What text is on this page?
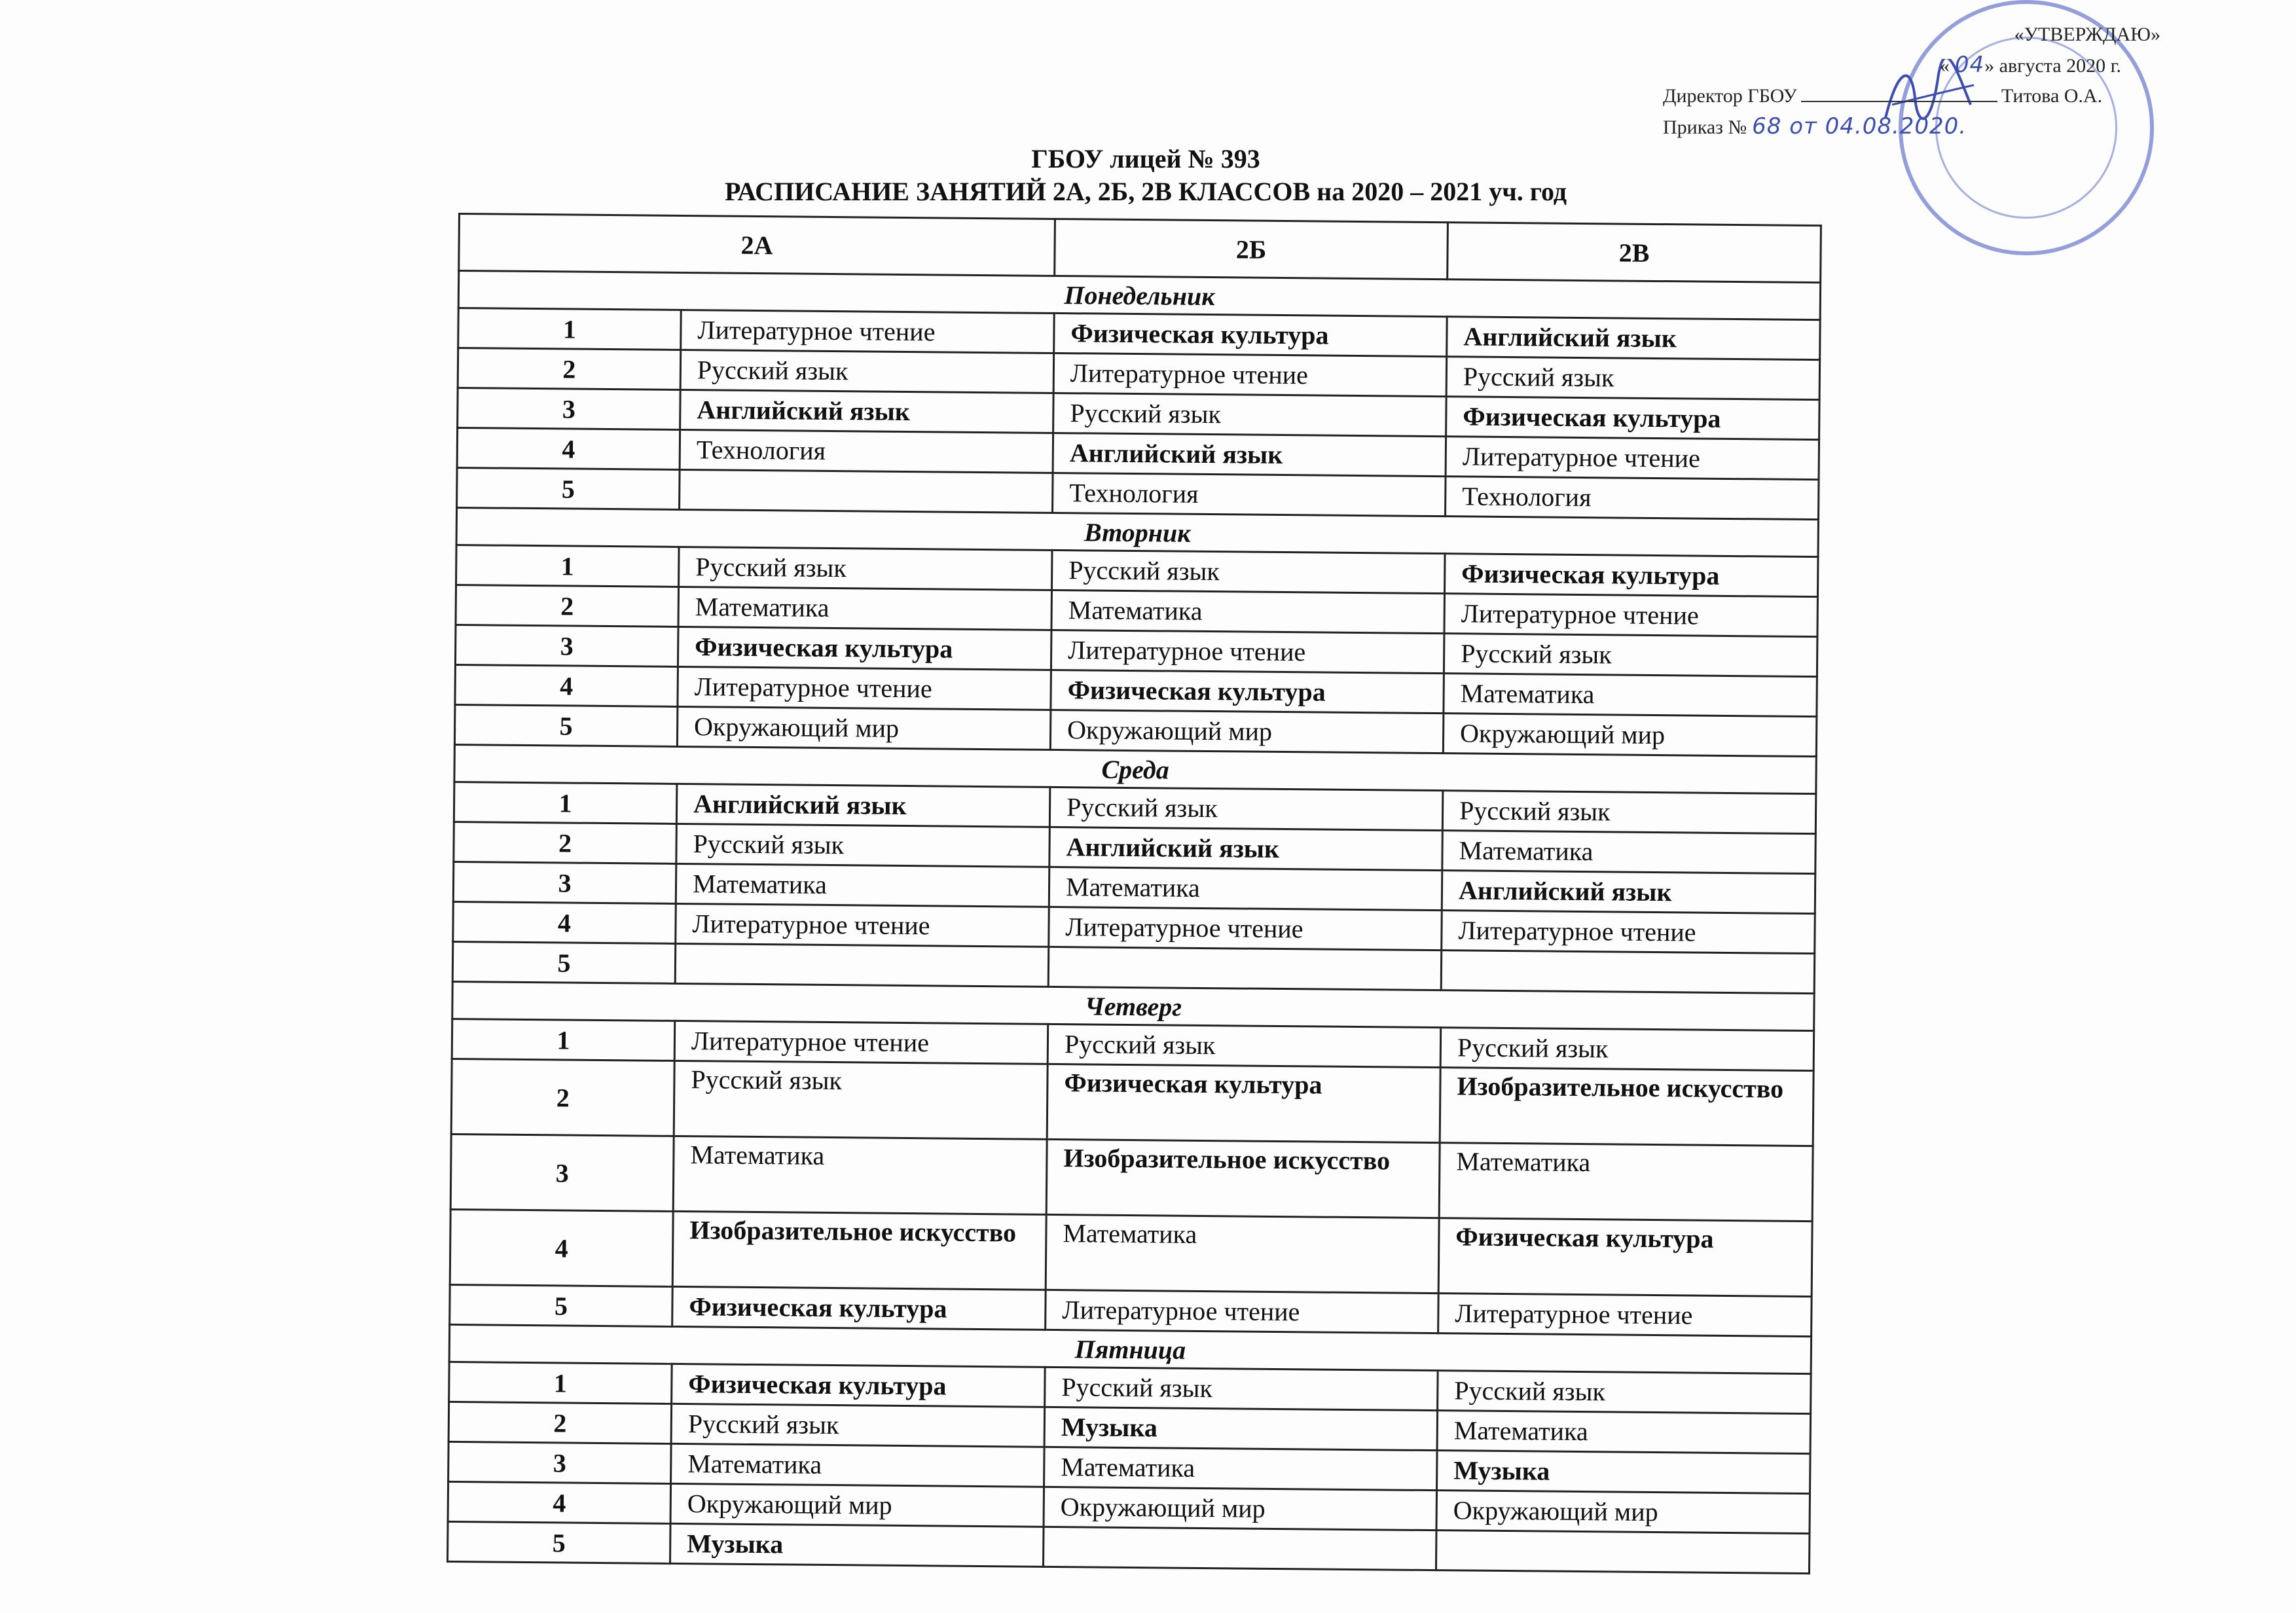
«УТВЕРЖДАЮ»
« 04» августа 2020 г.
Директор ГБОУ	Титова О.А.
Приказ № 68 от 04.08.2020.
ГБОУ лицей № 393
РАСПИСАНИЕ ЗАНЯТИЙ 2А, 2Б, 2В КЛАССОВ на 2020 – 2021 уч. год
2А		2Б	2В
Понедельник			
1	Литературное чтение	Физическая культура	Английский язык
2	Русский язык	Литературное чтение	Русский язык
3	Английский язык	Русский язык	Физическая культура
4	Технология	Английский язык	Литературное чтение
5		Технология	Технология
Вторник			
1	Русский язык	Русский язык	Физическая культура
2	Математика	Математика	Литературное чтение
3	Физическая культура	Литературное чтение	Русский язык
4	Литературное чтение	Физическая культура	Математика
5	Окружающий мир	Окружающий мир	Окружающий мир
Среда			
1	Английский язык	Русский язык	Русский язык
2	Русский язык	Английский язык	Математика
3	Математика	Математика	Английский язык
4	Литературное чтение	Литературное чтение	Литературное чтение
5			
Четверг			
1	Литературное чтение	Русский язык	Русский язык
2	Русский язык	Физическая культура	Изобразительное искусство
3	Математика	Изобразительное искусство	Математика
4	Изобразительное искусство	Математика	Физическая культура
5	Физическая культура	Литературное чтение	Литературное чтение
Пятница			
1	Физическая культура	Русский язык	Русский язык
2	Русский язык	Музыка	Математика
3	Математика	Математика	Музыка
4	Окружающий мир	Окружающий мир	Окружающий мир
5	Музыка		
